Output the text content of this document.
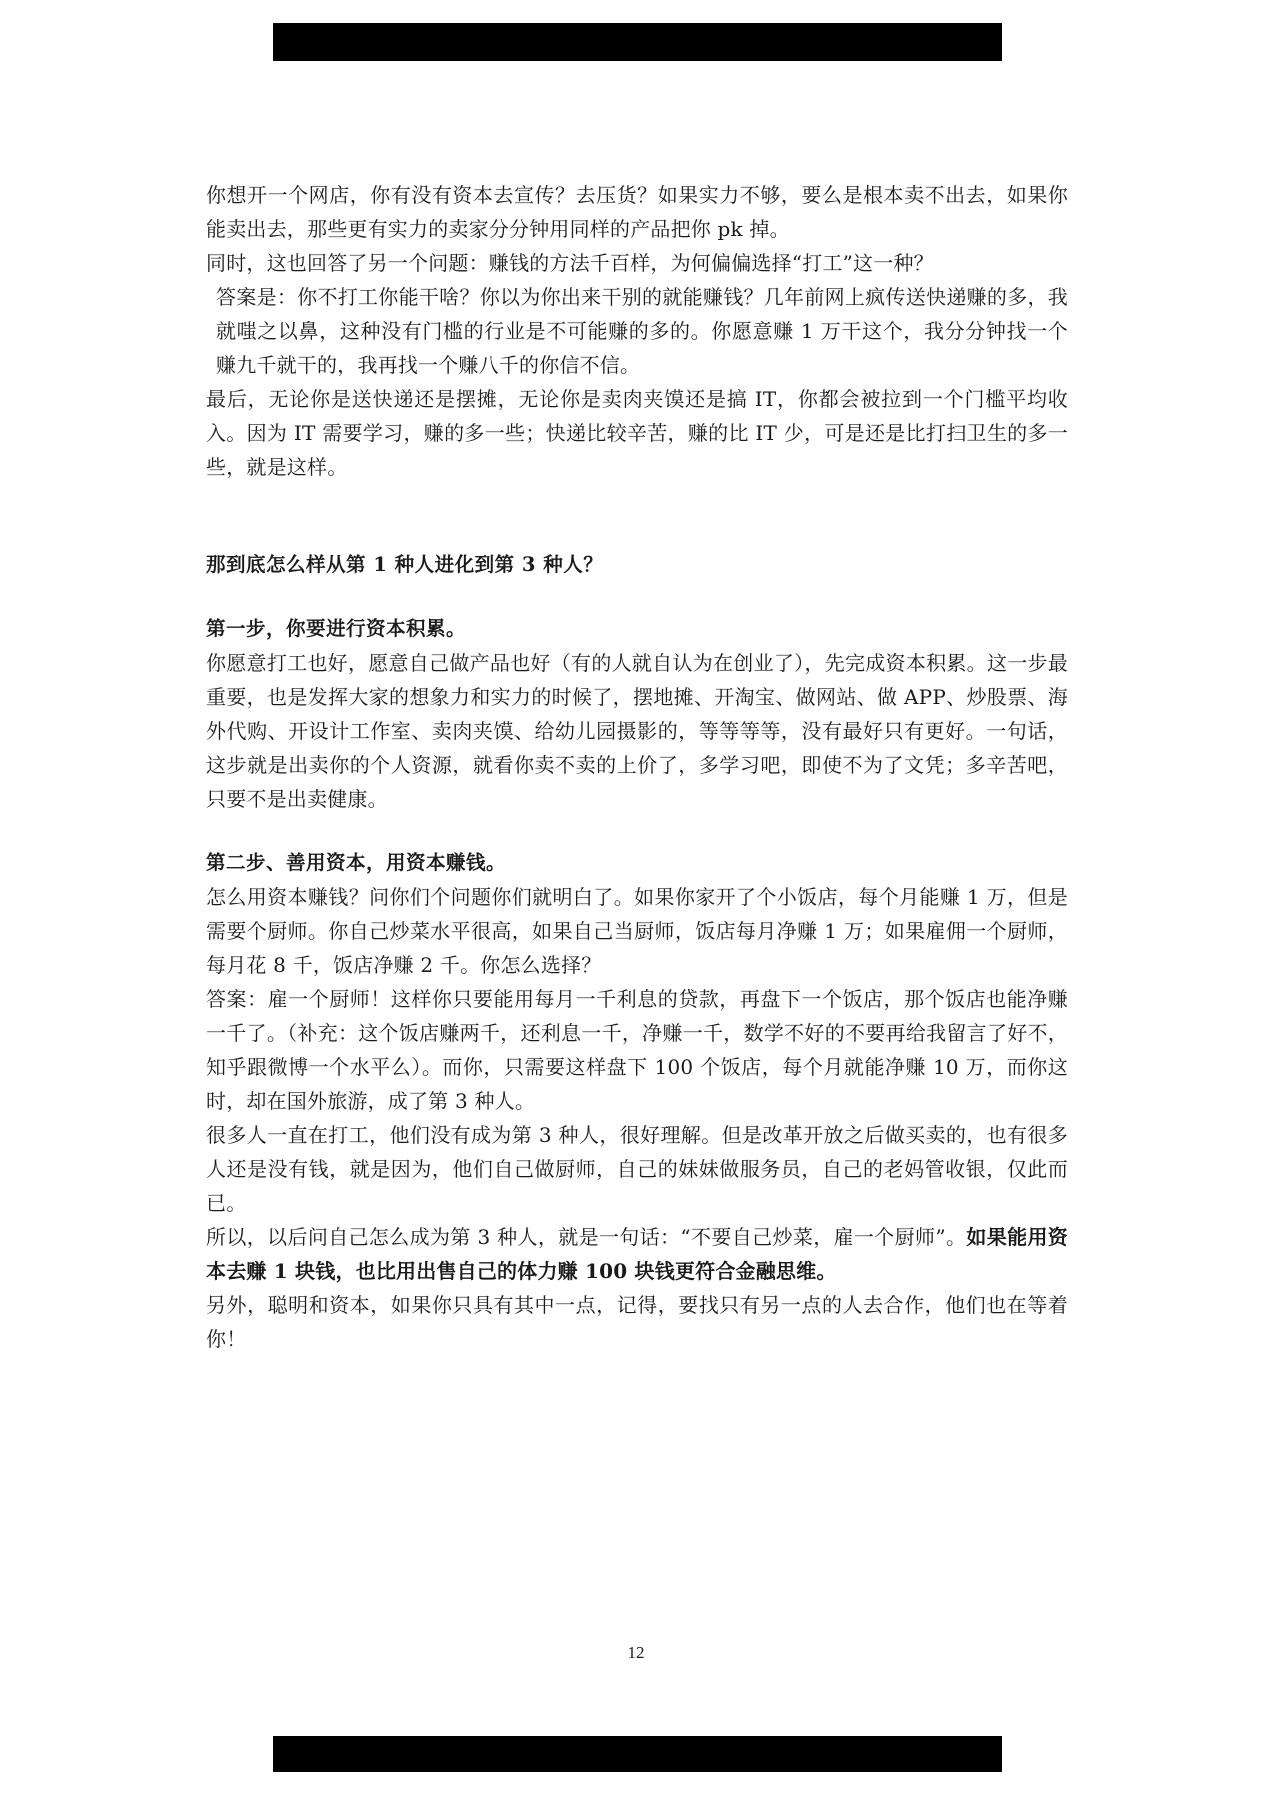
你想开一个网店，你有没有资本去宣传？去压货？如果实力不够，要么是根本卖不出去，如果你能卖出去，那些更有实力的卖家分分钟用同样的产品把你 pk 掉。

同时，这也回答了另一个问题：赚钱的方法千百样，为何偏偏选择“打工”这一种？

答案是：你不打工你能干啥？你以为你出来干别的就能赚钱？几年前网上疯传送快递赚的多，我就嗤之以鼻，这种没有门槛的行业是不可能赚的多的。你愿意赚 1 万干这个，我分分钟找一个赚九千就干的，我再找一个赚八千的你信不信。

最后，无论你是送快递还是摆摊，无论你是卖肉夹馍还是搞 IT，你都会被拉到一个门槛平均收入。因为 IT 需要学习，赚的多一些；快递比较辛苦，赚的比 IT 少，可是还是比打扫卫生的多一些，就是这样。

那到底怎么样从第 1 种人进化到第 3 种人？

第一步，你要进行资本积累。

你愿意打工也好，愿意自己做产品也好（有的人就自认为在创业了），先完成资本积累。这一步最重要，也是发挥大家的想象力和实力的时候了，摆地摊、开淘宝、做网站、做 APP、炒股票、海外代购、开设计工作室、卖肉夹馍、给幼儿园摄影的，等等等等，没有最好只有更好。一句话，这步就是出卖你的个人资源，就看你卖不卖的上价了，多学习吧，即使不为了文凭；多辛苦吧，只要不是出卖健康。

第二步、善用资本，用资本赚钱。

怎么用资本赚钱？问你们个问题你们就明白了。如果你家开了个小饭店，每个月能赚 1 万，但是需要个厨师。你自己炒菜水平很高，如果自己当厨师，饭店每月净赚 1 万；如果雇佣一个厨师，每月花 8 千，饭店净赚 2 千。你怎么选择？

答案：雇一个厨师！这样你只要能用每月一千利息的贷款，再盘下一个饭店，那个饭店也能净赚一千了。（补充：这个饭店赚两千，还利息一千，净赚一千，数学不好的不要再给我留言了好不，知乎跟微博一个水平么）。而你，只需要这样盘下 100 个饭店，每个月就能净赚 10 万，而你这时，却在国外旅游，成了第 3 种人。

很多人一直在打工，他们没有成为第 3 种人，很好理解。但是改革开放之后做买卖的，也有很多人还是没有钱，就是因为，他们自己做厨师，自己的妹妹做服务员，自己的老妈管收银，仅此而已。

所以，以后问自己怎么成为第 3 种人，就是一句话：“不要自己炒菜，雇一个厨师”。如果能用资本去赚 1 块钱，也比用出售自己的体力赚 100 块钱更符合金融思维。

另外，聪明和资本，如果你只具有其中一点，记得，要找只有另一点的人去合作，他们也在等着你！

12
